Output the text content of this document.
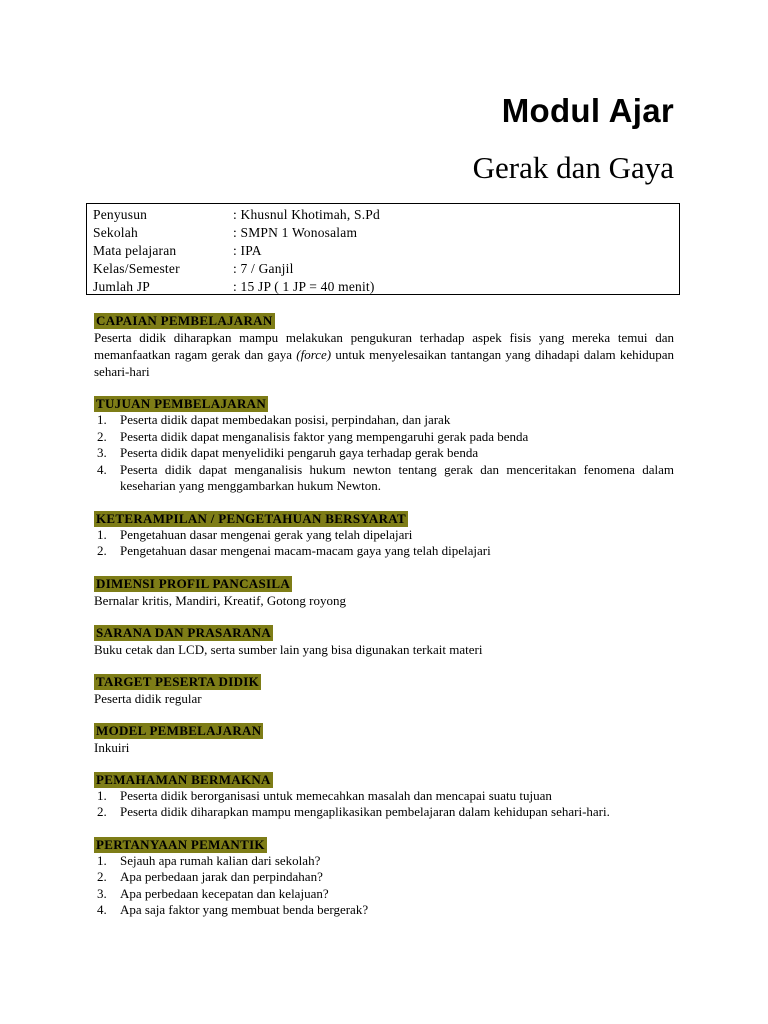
Modul Ajar
Gerak dan Gaya
Penyusun	: Khusnul Khotimah, S.Pd
Sekolah	: SMPN 1 Wonosalam
Mata pelajaran	: IPA
Kelas/Semester	: 7 / Ganjil
Jumlah JP	: 15 JP ( 1 JP = 40 menit)
CAPAIAN PEMBELAJARAN
Peserta didik diharapkan mampu melakukan pengukuran terhadap aspek fisis yang mereka temui dan memanfaatkan ragam gerak dan gaya (force) untuk menyelesaikan tantangan yang dihadapi dalam kehidupan sehari-hari
TUJUAN PEMBELAJARAN
1. Peserta didik dapat membedakan posisi, perpindahan, dan jarak
2. Peserta didik dapat menganalisis faktor yang mempengaruhi gerak pada benda
3. Peserta didik dapat menyelidiki pengaruh gaya terhadap gerak benda
4. Peserta didik dapat menganalisis hukum newton tentang gerak dan menceritakan fenomena dalam keseharian yang menggambarkan hukum Newton.
KETERAMPILAN / PENGETAHUAN BERSYARAT
1. Pengetahuan dasar mengenai gerak yang telah dipelajari
2. Pengetahuan dasar mengenai macam-macam gaya yang telah dipelajari
DIMENSI PROFIL PANCASILA
Bernalar kritis, Mandiri, Kreatif, Gotong royong
SARANA DAN PRASARANA
Buku cetak dan LCD, serta sumber lain yang bisa digunakan terkait materi
TARGET PESERTA DIDIK
Peserta didik regular
MODEL PEMBELAJARAN
Inkuiri
PEMAHAMAN BERMAKNA
1. Peserta didik berorganisasi untuk memecahkan masalah dan mencapai suatu tujuan
2. Peserta didik diharapkan mampu mengaplikasikan pembelajaran dalam kehidupan sehari-hari.
PERTANYAAN PEMANTIK
1. Sejauh apa rumah kalian dari sekolah?
2. Apa perbedaan jarak dan perpindahan?
3. Apa perbedaan kecepatan dan kelajuan?
4. Apa saja faktor yang membuat benda bergerak?
